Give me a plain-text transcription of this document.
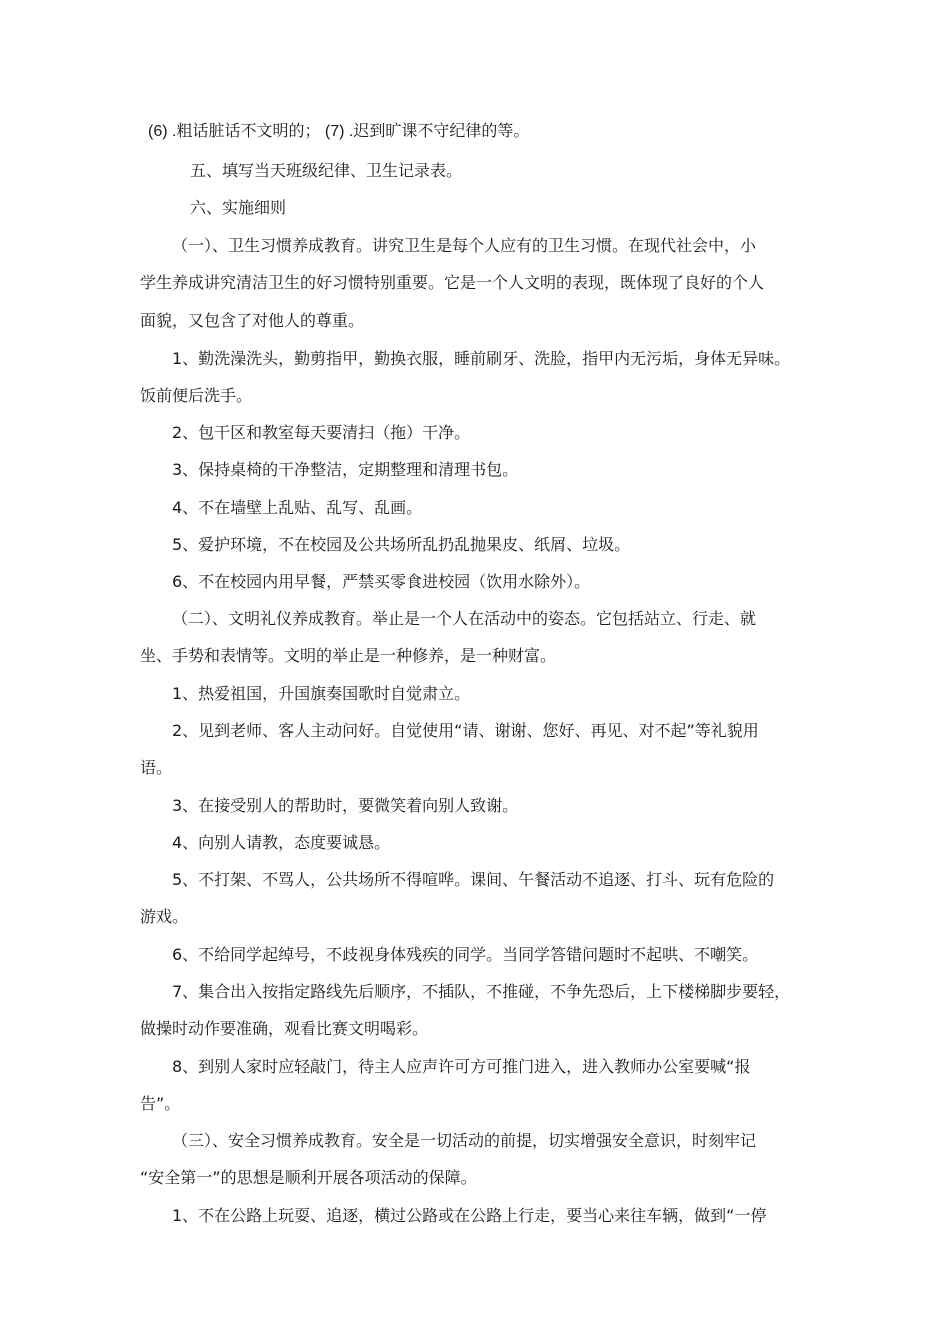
(6) .粗话脏话不文明的； (7) .迟到旷课不守纪律的等。

五、填写当天班级纪律、卫生记录表。

六、实施细则

（一）、卫生习惯养成教育。讲究卫生是每个人应有的卫生习惯。在现代社会中，小

学生养成讲究清洁卫生的好习惯特别重要。它是一个人文明的表现，既体现了良好的个人

面貌，又包含了对他人的尊重。

1、勤洗澡洗头，勤剪指甲，勤换衣服，睡前刷牙、洗脸，指甲内无污垢，身体无异味。

饭前便后洗手。

2、包干区和教室每天要清扫（拖）干净。

3、保持桌椅的干净整洁，定期整理和清理书包。

4、不在墙壁上乱贴、乱写、乱画。

5、爱护环境，不在校园及公共场所乱扔乱抛果皮、纸屑、垃圾。

6、不在校园内用早餐，严禁买零食进校园（饮用水除外）。

（二）、文明礼仪养成教育。举止是一个人在活动中的姿态。它包括站立、行走、就

坐、手势和表情等。文明的举止是一种修养，是一种财富。

1、热爱祖国，升国旗奏国歌时自觉肃立。

2、见到老师、客人主动问好。自觉使用“请、谢谢、您好、再见、对不起”等礼貌用

语。

3、在接受别人的帮助时，要微笑着向别人致谢。

4、向别人请教，态度要诚恳。

5、不打架、不骂人，公共场所不得喧哗。课间、午餐活动不追逐、打斗、玩有危险的

游戏。

6、不给同学起绰号，不歧视身体残疾的同学。当同学答错问题时不起哄、不嘲笑。

7、集合出入按指定路线先后顺序，不插队，不推碰，不争先恐后，上下楼梯脚步要轻，

做操时动作要准确，观看比赛文明喝彩。

8、到别人家时应轻敲门，待主人应声许可方可推门进入，进入教师办公室要喊“报

告”。

（三）、安全习惯养成教育。安全是一切活动的前提，切实增强安全意识，时刻牢记

“安全第一”的思想是顺利开展各项活动的保障。

1、不在公路上玩耍、追逐，横过公路或在公路上行走，要当心来往车辆，做到“一停
